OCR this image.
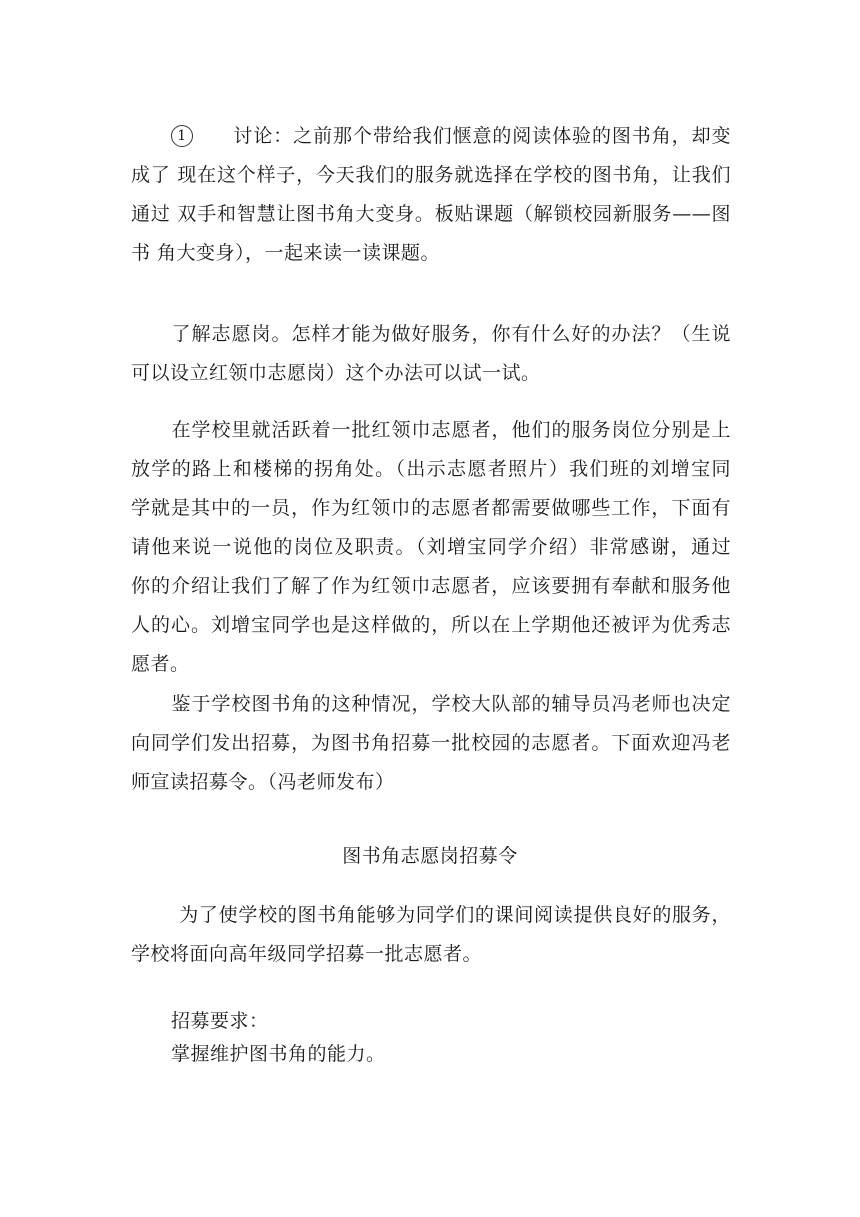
1 讨论：之前那个带给我们惬意的阅读体验的图书角，却变成了 现在这个样子，今天我们的服务就选择在学校的图书角，让我们通过 双手和智慧让图书角大变身。板贴课题（解锁校园新服务——图书 角大变身），一起来读一读课题。

了解志愿岗。怎样才能为做好服务，你有什么好的办法？（生说 可以设立红领巾志愿岗）这个办法可以试一试。

在学校里就活跃着一批红领巾志愿者，他们的服务岗位分别是上 放学的路上和楼梯的拐角处。（出示志愿者照片）我们班的刘增宝同 学就是其中的一员，作为红领巾的志愿者都需要做哪些工作，下面有 请他来说一说他的岗位及职责。（刘增宝同学介绍）非常感谢，通过 你的介绍让我们了解了作为红领巾志愿者，应该要拥有奉献和服务他 人的心。刘增宝同学也是这样做的，所以在上学期他还被评为优秀志 愿者。

鉴于学校图书角的这种情况，学校大队部的辅导员冯老师也决定 向同学们发出招募，为图书角招募一批校园的志愿者。下面欢迎冯老 师宣读招募令。（冯老师发布）

图书角志愿岗招募令

为了使学校的图书角能够为同学们的课间阅读提供良好的服务， 学校将面向高年级同学招募一批志愿者。

招募要求：
掌握维护图书角的能力。
